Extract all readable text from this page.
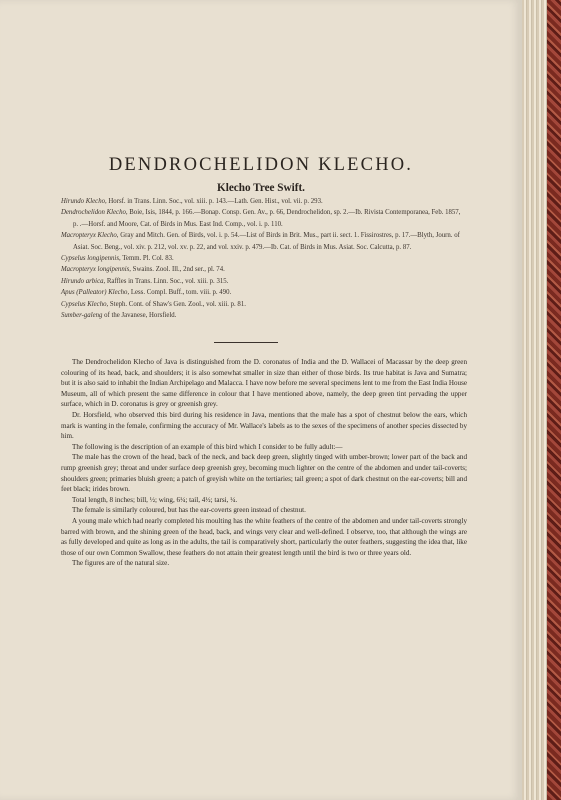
DENDROCHELIDON KLECHO.
Klecho Tree Swift.

Hirundo Klecho, Horsf. in Trans. Linn. Soc., vol. xiii. p. 143.—Lath. Gen. Hist., vol. vii. p. 293.

Dendrochelidon Klecho, Boie, Isis, 1844, p. 166.—Bonap. Consp. Gen. Av., p. 66, Dendrochelidon, sp. 2.—Ib. Rivista Contemporanea, Feb. 1857, p. .—Horsf. and Moore, Cat. of Birds in Mus. East Ind. Comp., vol. i. p. 110.

Macropteryx Klecho, Gray and Mitch. Gen. of Birds, vol. i. p. 54.—List of Birds in Brit. Mus., part ii. sect. 1. Fissirostres, p. 17.—Blyth, Journ. of Asiat. Soc. Beng., vol. xiv. p. 212, vol. xv. p. 22, and vol. xxiv. p. 479.—Ib. Cat. of Birds in Mus. Asiat. Soc. Calcutta, p. 87.

Cypselus longipennis, Temm. Pl. Col. 83.

Macropteryx longipennis, Swains. Zool. Ill., 2nd ser., pl. 74.

Hirundo arbica, Raffles in Trans. Linn. Soc., vol. xiii. p. 315.

Apus (Palleator) Klecho, Less. Compl. Buff., tom. viii. p. 490.

Cypselus Klecho, Steph. Cont. of Shaw's Gen. Zool., vol. xiii. p. 81.

Sumber-galeng of the Javanese, Horsfield.

The Dendrochelidon Klecho of Java is distinguished from the D. coronatus of India and the D. Wallacei of Macassar by the deep green colouring of its head, back, and shoulders; it is also somewhat smaller in size than either of those birds. Its true habitat is Java and Sumatra; but it is also said to inhabit the Indian Archipelago and Malacca. I have now before me several specimens lent to me from the East India House Museum, all of which present the same difference in colour that I have mentioned above, namely, the deep green tint pervading the upper surface, which in D. coronatus is grey or greenish grey.

Dr. Horsfield, who observed this bird during his residence in Java, mentions that the male has a spot of chestnut below the ears, which mark is wanting in the female, confirming the accuracy of Mr. Wallace's labels as to the sexes of the specimens of another species dissected by him.

The following is the description of an example of this bird which I consider to be fully adult:—

The male has the crown of the head, back of the neck, and back deep green, slightly tinged with umber-brown; lower part of the back and rump greenish grey; throat and under surface deep greenish grey, becoming much lighter on the centre of the abdomen and under tail-coverts; shoulders green; primaries bluish green; a patch of greyish white on the tertiaries; tail green; a spot of dark chestnut on the ear-coverts; bill and feet black; irides brown.

Total length, 8 inches; bill, ½; wing, 6¼; tail, 4½; tarsi, ¼.

The female is similarly coloured, but has the ear-coverts green instead of chestnut.

A young male which had nearly completed his moulting has the white feathers of the centre of the abdomen and under tail-coverts strongly barred with brown, and the shining green of the head, back, and wings very clear and well-defined. I observe, too, that although the wings are as fully developed and quite as long as in the adults, the tail is comparatively short, particularly the outer feathers, suggesting the idea that, like those of our own Common Swallow, these feathers do not attain their greatest length until the bird is two or three years old.

The figures are of the natural size.
